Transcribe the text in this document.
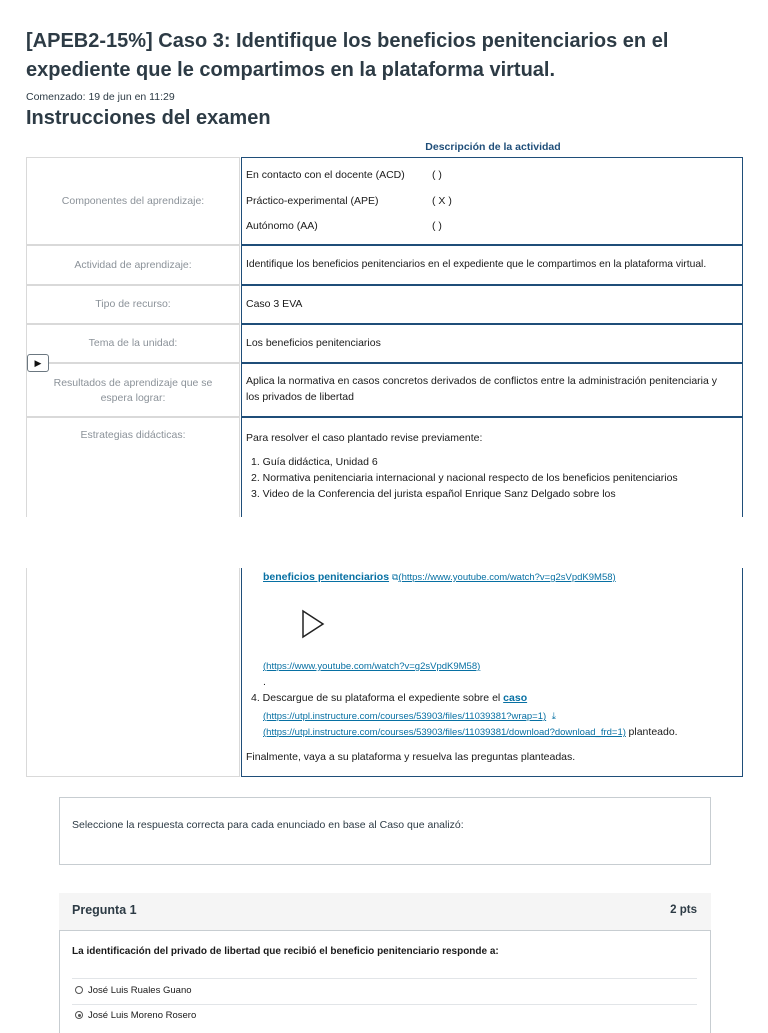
[APEB2-15%] Caso 3: Identifique los beneficios penitenciarios en el expediente que le compartimos en la plataforma virtual.
Comenzado: 19 de jun en 11:29
Instrucciones del examen
Descripción de la actividad
Componentes del aprendizaje:
En contacto con el docente (ACD)	( )
Práctico-experimental (APE)	( X )
Autónomo (AA)	( )
Actividad de aprendizaje:	Identifique los beneficios penitenciarios en el expediente que le compartimos en la plataforma virtual.
Tipo de recurso:	Caso 3 EVA
Tema de la unidad:	Los beneficios penitenciarios
Resultados de aprendizaje que se
espera lograr:
Aplica la normativa en casos concretos derivados de conflictos entre la administración penitenciaria y
los privados de libertad
▶
Estrategias didácticas:	Para resolver el caso plantado revise previamente:
1. Guía didáctica, Unidad 6
2. Normativa penitenciaria internacional y nacional respecto de los beneficios penitenciarios
3. Video de la Conferencia del jurista español Enrique Sanz Delgado sobre los
beneficios penitenciarios ⧉(https://www.youtube.com/watch?v=g2sVpdK9M58)
(https://www.youtube.com/watch?v=g2sVpdK9M58)
.
4. Descargue de su plataforma el expediente sobre el caso
(https://utpl.instructure.com/courses/53903/files/11039381?wrap=1) ⤓
(https://utpl.instructure.com/courses/53903/files/11039381/download?download_frd=1) planteado.
Finalmente, vaya a su plataforma y resuelva las preguntas planteadas.
Seleccione la respuesta correcta para cada enunciado en base al Caso que analizó:
Pregunta 1	2 pts
La identificación del privado de libertad que recibió el beneficio penitenciario responde a:
José Luis Ruales Guano
José Luis Moreno Rosero
